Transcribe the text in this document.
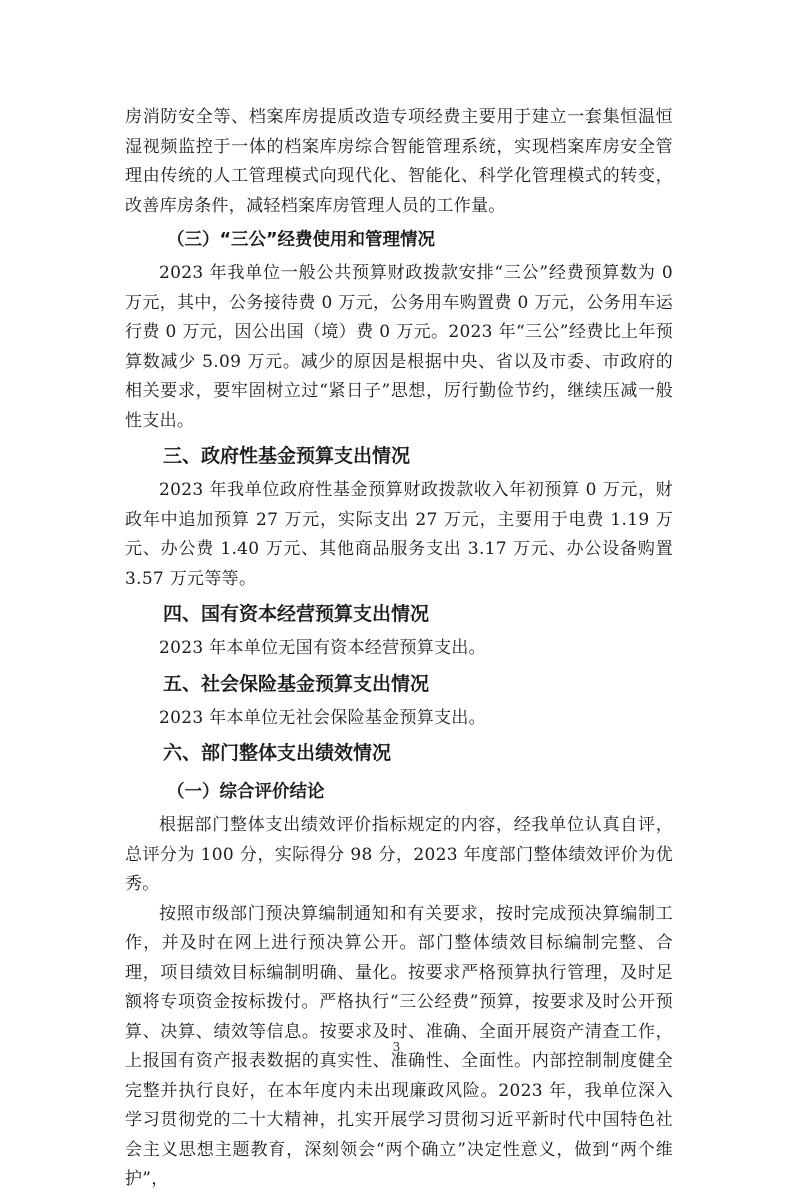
房消防安全等、档案库房提质改造专项经费主要用于建立一套集恒温恒湿视频监控于一体的档案库房综合智能管理系统，实现档案库房安全管理由传统的人工管理模式向现代化、智能化、科学化管理模式的转变，改善库房条件，减轻档案库房管理人员的工作量。

（三）“三公”经费使用和管理情况

2023 年我单位一般公共预算财政拨款安排“三公”经费预算数为 0 万元，其中，公务接待费 0 万元，公务用车购置费 0 万元，公务用车运行费 0 万元，因公出国（境）费 0 万元。2023 年“三公”经费比上年预算数减少 5.09 万元。减少的原因是根据中央、省以及市委、市政府的相关要求，要牢固树立过“紧日子”思想，厉行勤俭节约，继续压减一般性支出。

三、政府性基金预算支出情况

2023 年我单位政府性基金预算财政拨款收入年初预算 0 万元，财政年中追加预算 27 万元，实际支出 27 万元，主要用于电费 1.19 万元、办公费 1.40 万元、其他商品服务支出 3.17 万元、办公设备购置 3.57 万元等等。

四、国有资本经营预算支出情况

2023 年本单位无国有资本经营预算支出。

五、社会保险基金预算支出情况

2023 年本单位无社会保险基金预算支出。

六、部门整体支出绩效情况
（一）综合评价结论

根据部门整体支出绩效评价指标规定的内容，经我单位认真自评，总评分为 100 分，实际得分 98 分，2023 年度部门整体绩效评价为优秀。

按照市级部门预决算编制通知和有关要求，按时完成预决算编制工作，并及时在网上进行预决算公开。部门整体绩效目标编制完整、合理，项目绩效目标编制明确、量化。按要求严格预算执行管理，及时足额将专项资金按标拨付。严格执行“三公经费”预算，按要求及时公开预算、决算、绩效等信息。按要求及时、准确、全面开展资产清查工作，上报国有资产报表数据的真实性、准确性、全面性。内部控制制度健全完整并执行良好，在本年度内未出现廉政风险。2023 年，我单位深入学习贯彻党的二十大精神，扎实开展学习贯彻习近平新时代中国特色社会主义思想主题教育，深刻领会“两个确立”决定性意义，做到“两个维护”，

3
